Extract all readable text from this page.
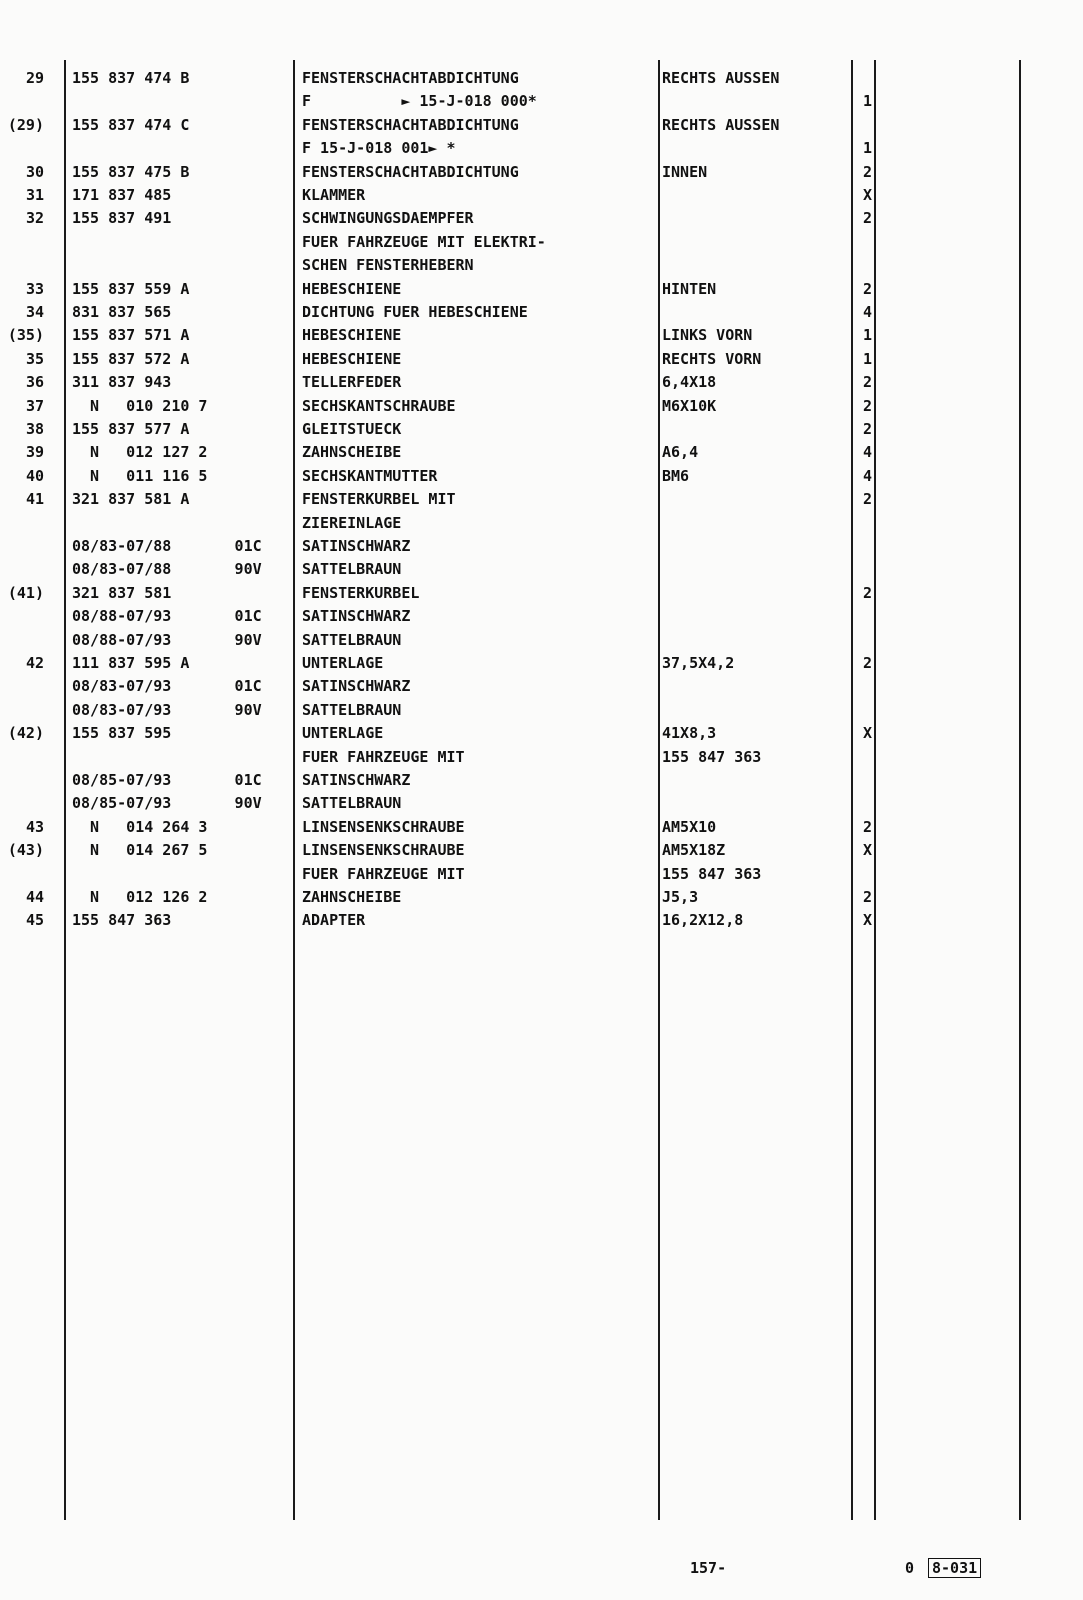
29 155 837 474 B	FENSTERSCHACHTABDICHTUNG	RECHTS AUSSEN
F          ► 15-J-018 000*	1
(29) 155 837 474 C	FENSTERSCHACHTABDICHTUNG	RECHTS AUSSEN
F 15-J-018 001► *	1
30 155 837 475 B	FENSTERSCHACHTABDICHTUNG	INNEN	2
31 171 837 485	KLAMMER	X
32 155 837 491	SCHWINGUNGSDAEMPFER	2
FUER FAHRZEUGE MIT ELEKTRI-
SCHEN FENSTERHEBERN
33 155 837 559 A	HEBESCHIENE	HINTEN	2
34 831 837 565	DICHTUNG FUER HEBESCHIENE	4
(35) 155 837 571 A	HEBESCHIENE	LINKS VORN	1
35 155 837 572 A	HEBESCHIENE	RECHTS VORN	1
36 311 837 943	TELLERFEDER	6,4X18	2
37 N   010 210 7	SECHSKANTSCHRAUBE	M6X10K	2
38 155 837 577 A	GLEITSTUECK	2
39 N   012 127 2	ZAHNSCHEIBE	A6,4	4
40 N   011 116 5	SECHSKANTMUTTER	BM6	4
41 321 837 581 A	FENSTERKURBEL MIT	2
ZIEREINLAGE
08/83-07/88       01C	SATINSCHWARZ
08/83-07/88       90V	SATTELBRAUN
(41) 321 837 581	FENSTERKURBEL	2
08/88-07/93       01C	SATINSCHWARZ
08/88-07/93       90V	SATTELBRAUN
42 111 837 595 A	UNTERLAGE	37,5X4,2	2
08/83-07/93       01C	SATINSCHWARZ
08/83-07/93       90V	SATTELBRAUN
(42) 155 837 595	UNTERLAGE	41X8,3	X
FUER FAHRZEUGE MIT	155 847 363
08/85-07/93       01C	SATINSCHWARZ
08/85-07/93       90V	SATTELBRAUN
43 N   014 264 3	LINSENSENKSCHRAUBE	AM5X10	2
(43) N   014 267 5	LINSENSENKSCHRAUBE	AM5X18Z	X
FUER FAHRZEUGE MIT	155 847 363
44 N   012 126 2	ZAHNSCHEIBE	J5,3	2
45 155 847 363	ADAPTER	16,2X12,8	X
157-	0 8-031
